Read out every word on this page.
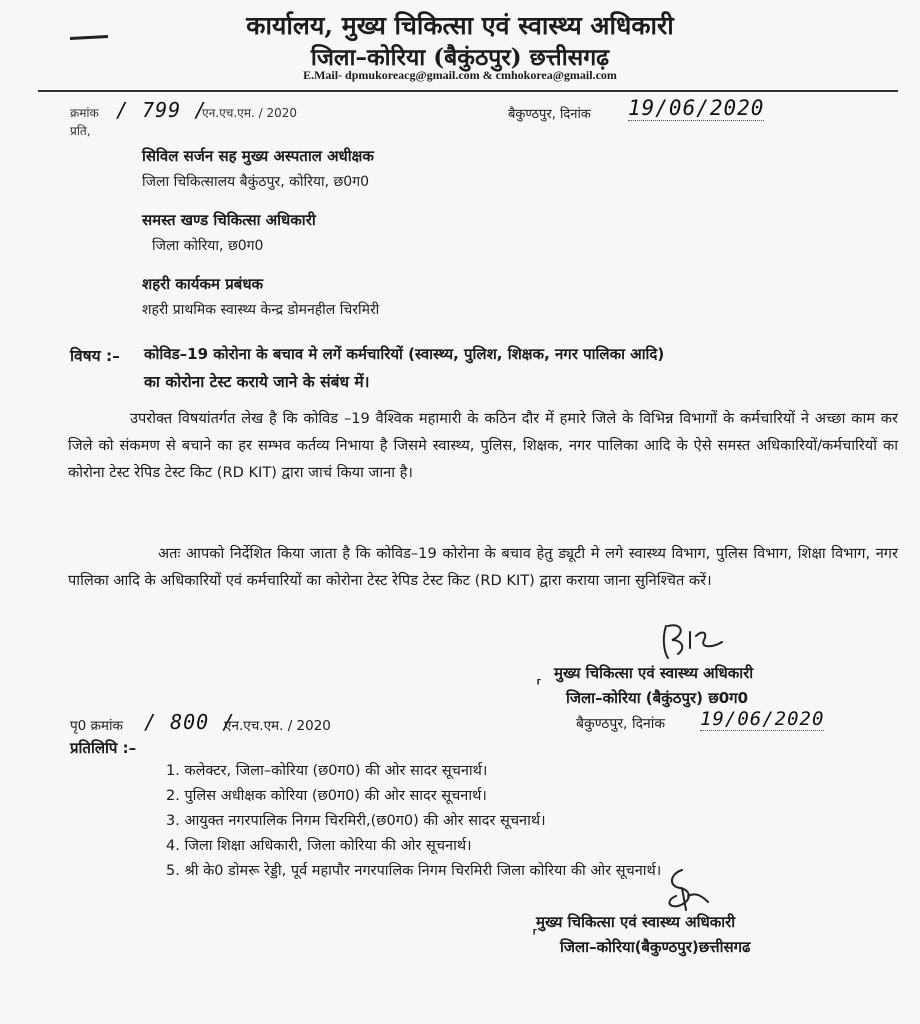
कार्यालय, मुख्य चिकित्सा एवं स्वास्थ्य अधिकारी
जिला–कोरिया (बैकुंठपुर) छत्तीसगढ़
E.Mail- dpmukoreacg@gmail.com & cmhokorea@gmail.com
क्रमांक / 799 /
एन.एच.एम. / 2020
प्रति,
बैकुण्ठपुर, दिनांक 19/06/2020
सिविल सर्जन सह मुख्य अस्पताल अधीक्षक
जिला चिकित्सालय बैकुंठपुर, कोरिया, छ0ग0
समस्त खण्ड चिकित्सा अधिकारी
जिला कोरिया, छ0ग0
शहरी कार्यकम प्रबंधक
शहरी प्राथमिक स्वास्थ्य केन्द्र डोमनहील चिरमिरी
विषय :– कोविड–19 कोरोना के बचाव मे लगें कर्मचारियों (स्वास्थ्य, पुलिश, शिक्षक, नगर पालिका आदि)
का कोरोना टेस्ट कराये जाने के संबंध में।
उपरोक्त विषयांतर्गत लेख है कि कोविड –19 वैश्विक महामारी के कठिन दौर में हमारे जिले के विभिन्न विभागों के कर्मचारियों ने अच्छा काम कर जिले को संकमण से बचाने का हर सम्भव कर्तव्य निभाया है जिसमे स्वास्थ्य, पुलिस, शिक्षक, नगर पालिका आदि के ऐसे समस्त अधिकारियों/कर्मचारियों का कोरोना टेस्ट रेपिड टेस्ट किट (RD KIT) द्वारा जाचं किया जाना है।
अतः आपको निर्देशित किया जाता है कि कोविड–19 कोरोना के बचाव हेतु ड्यूटी मे लगे स्वास्थ्य विभाग, पुलिस विभाग, शिक्षा विभाग, नगर पालिका आदि के अधिकारियों एवं कर्मचारियों का कोरोना टेस्ट रेपिड टेस्ट किट (RD KIT) द्वारा कराया जाना सुनिश्चित करें।
मुख्य चिकित्सा एवं स्वास्थ्य अधिकारी
जिला–कोरिया (बैकुंठपुर) छ0ग0
⸢
पृ0 क्रमांक / 800 /
एन.एच.एम. / 2020	बैकुण्ठपुर, दिनांक 19/06/2020
प्रतिलिपि :–
1. कलेक्टर, जिला–कोरिया (छ0ग0) की ओर सादर सूचनार्थ।
2. पुलिस अधीक्षक कोरिया (छ0ग0) की ओर सादर सूचनार्थ।
3. आयुक्त नगरपालिक निगम चिरमिरी,(छ0ग0) की ओर सादर सूचनार्थ।
4. जिला शिक्षा अधिकारी, जिला कोरिया की ओर सूचनार्थ।
5. श्री के0 डोमरू रेड्डी, पूर्व महापौर नगरपालिक निगम चिरमिरी जिला कोरिया की ओर सूचनार्थ।
मुख्य चिकित्सा एवं स्वास्थ्य अधिकारी
जिला–कोरिया(बैकुण्ठपुर)छत्तीसगढ
⸢
